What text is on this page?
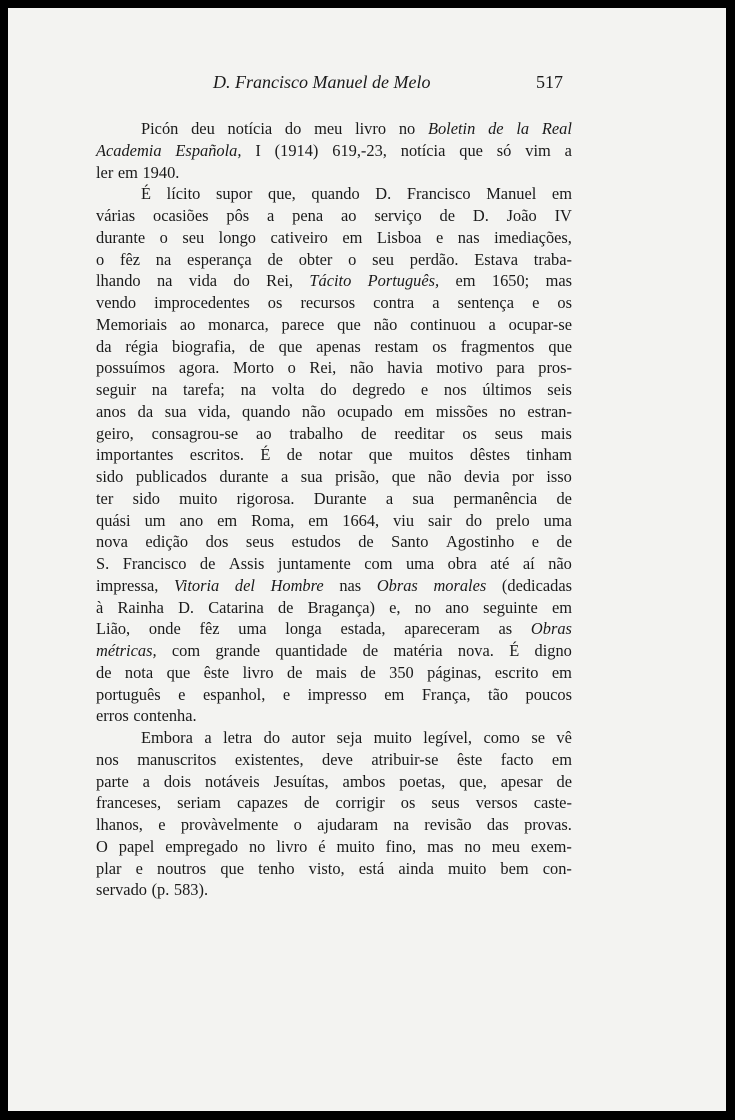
D. Francisco Manuel de Melo	517
Picón deu notícia do meu livro no Boletin de la Real
Academia Española, I (1914) 619,-23, notícia que só vim a
ler em 1940.
É lícito supor que, quando D. Francisco Manuel em
várias ocasiões pôs a pena ao serviço de D. João IV
durante o seu longo cativeiro em Lisboa e nas imediações,
o fêz na esperança de obter o seu perdão. Estava traba-
lhando na vida do Rei, Tácito Português, em 1650; mas
vendo improcedentes os recursos contra a sentença e os
Memoriais ao monarca, parece que não continuou a ocupar-se
da régia biografia, de que apenas restam os fragmentos que
possuímos agora. Morto o Rei, não havia motivo para pros-
seguir na tarefa; na volta do degredo e nos últimos seis
anos da sua vida, quando não ocupado em missões no estran-
geiro, consagrou-se ao trabalho de reeditar os seus mais
importantes escritos. É de notar que muitos dêstes tinham
sido publicados durante a sua prisão, que não devia por isso
ter sido muito rigorosa. Durante a sua permanência de
quási um ano em Roma, em 1664, viu sair do prelo uma
nova edição dos seus estudos de Santo Agostinho e de
S. Francisco de Assis juntamente com uma obra até aí não
impressa, Vitoria del Hombre nas Obras morales (dedicadas
à Rainha D. Catarina de Bragança) e, no ano seguinte em
Lião, onde fêz uma longa estada, apareceram as Obras
métricas, com grande quantidade de matéria nova. É digno
de nota que êste livro de mais de 350 páginas, escrito em
português e espanhol, e impresso em França, tão poucos
erros contenha.
Embora a letra do autor seja muito legível, como se vê
nos manuscritos existentes, deve atribuir-se êste facto em
parte a dois notáveis Jesuítas, ambos poetas, que, apesar de
franceses, seriam capazes de corrigir os seus versos caste-
lhanos, e provàvelmente o ajudaram na revisão das provas.
O papel empregado no livro é muito fino, mas no meu exem-
plar e noutros que tenho visto, está ainda muito bem con-
servado (p. 583).
